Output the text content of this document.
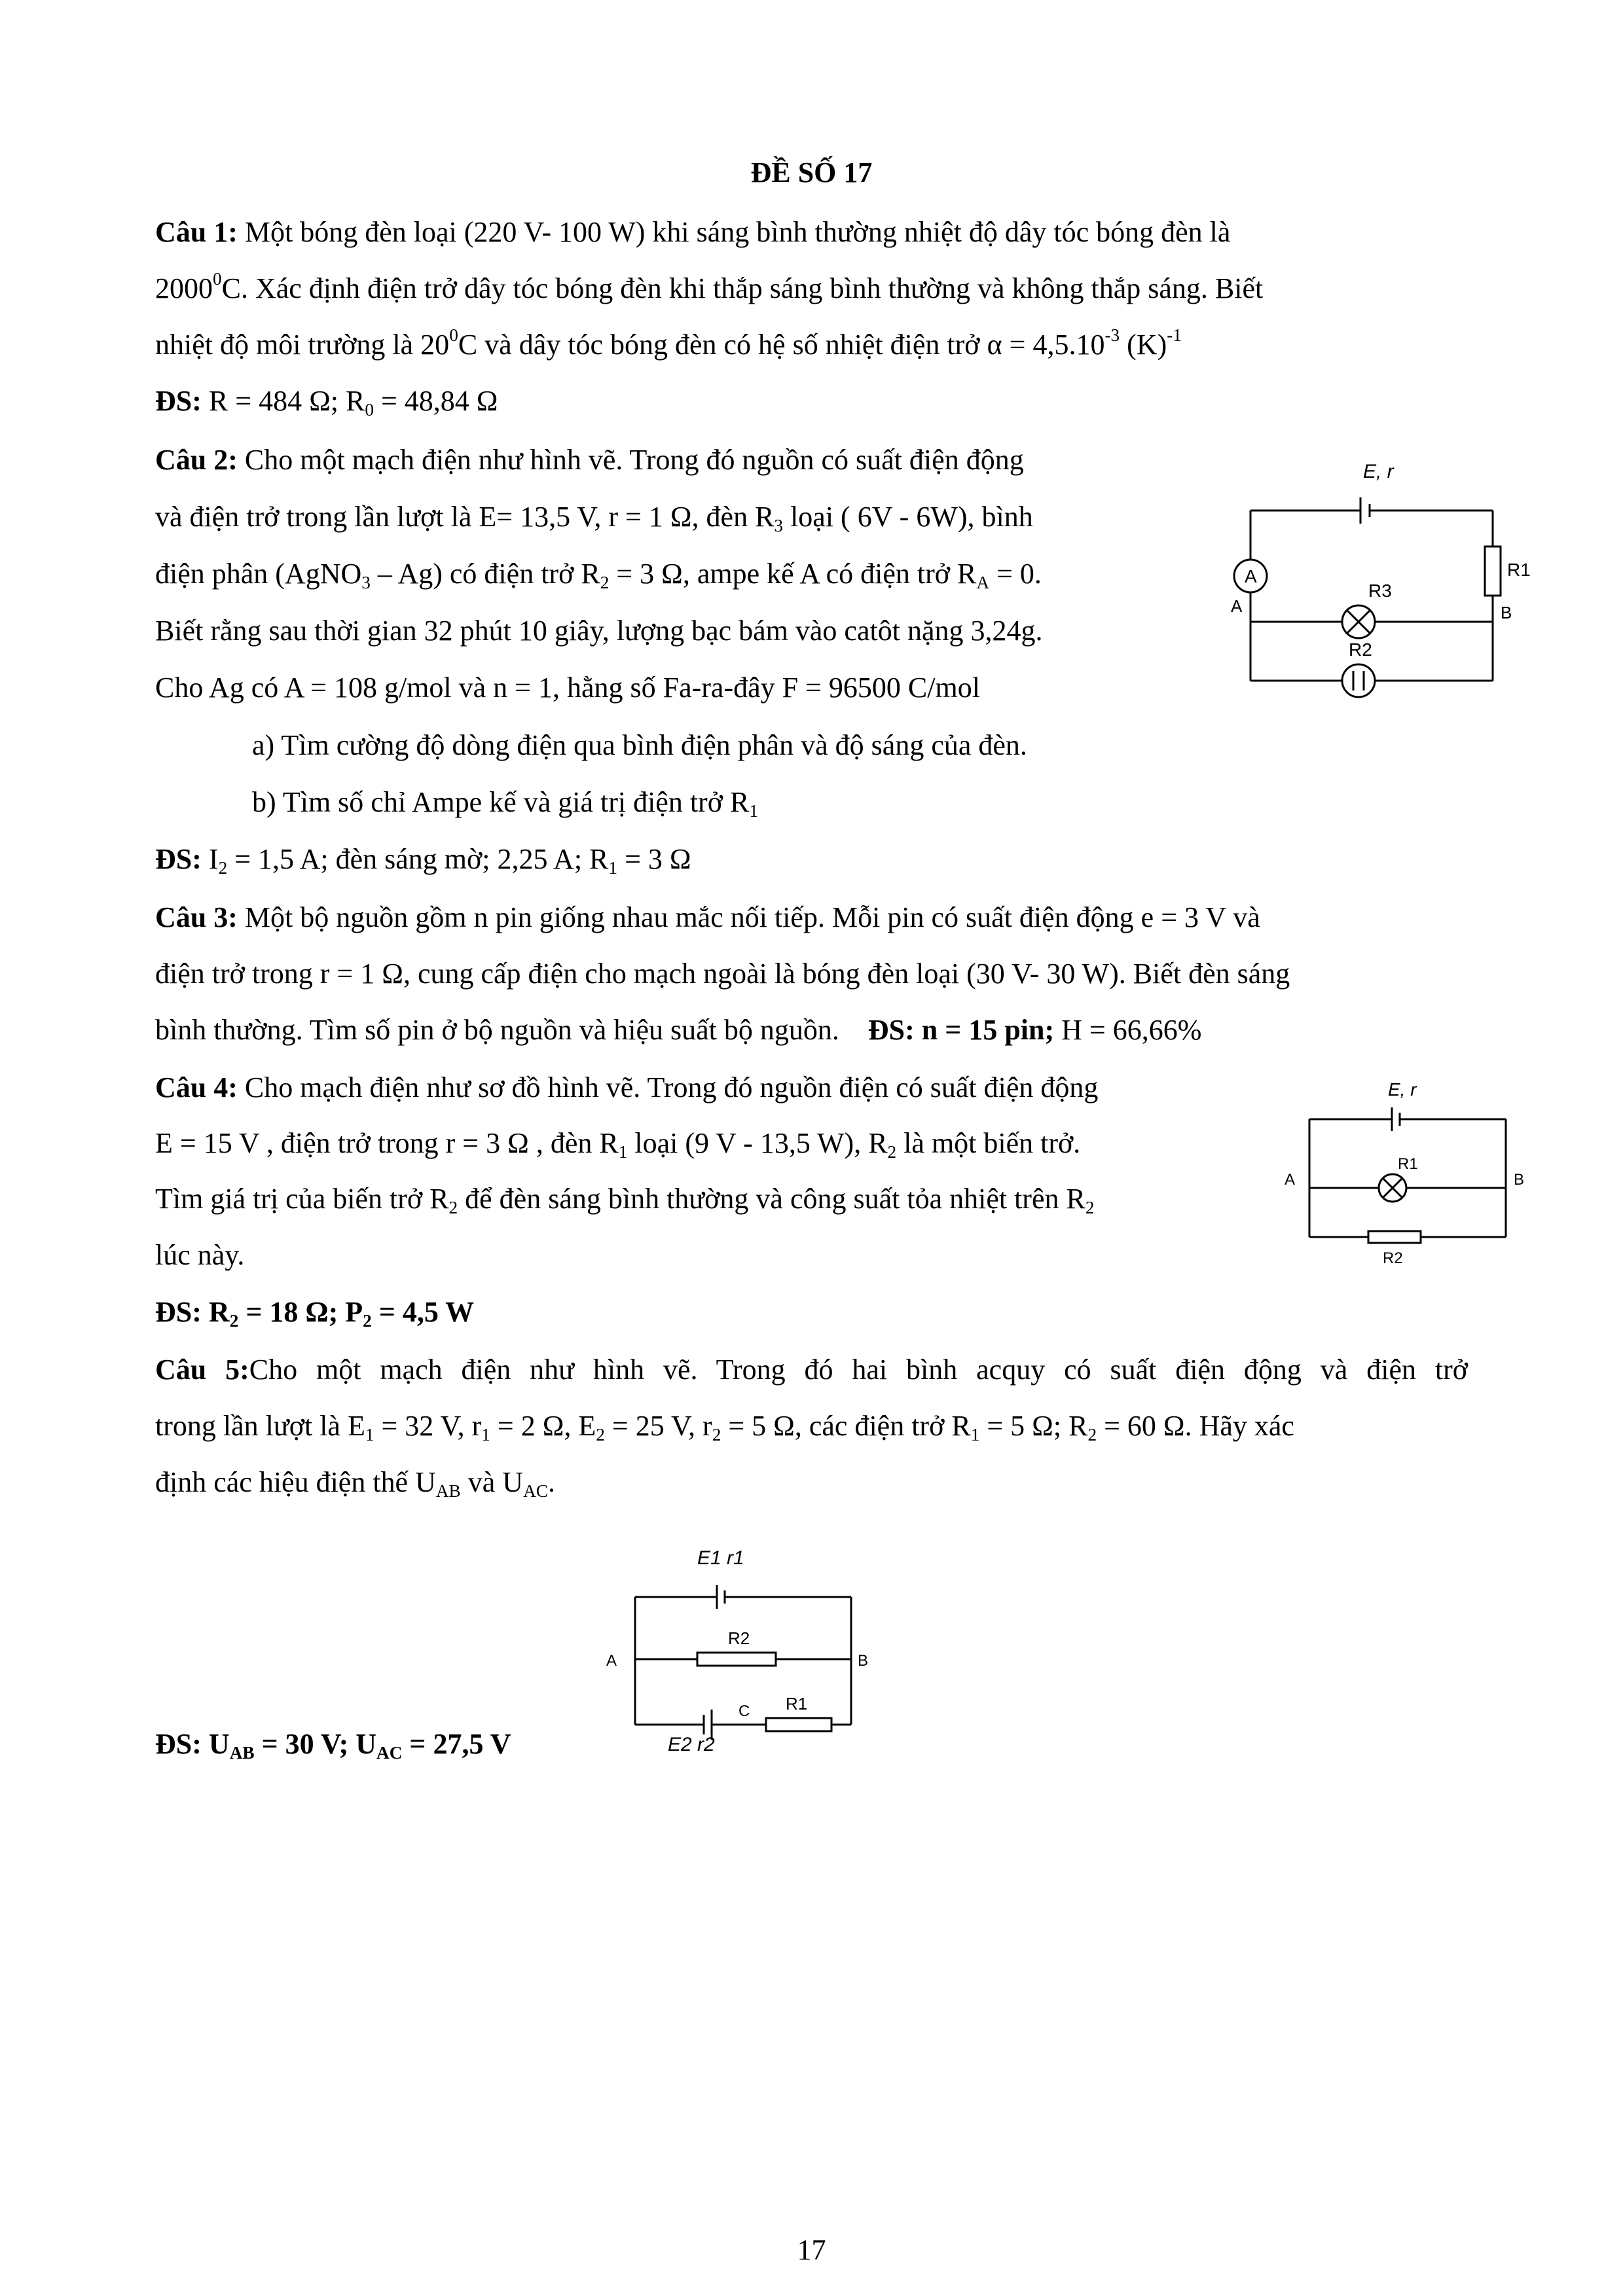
ĐỀ SỐ 17
Câu 1: Một bóng đèn loại (220 V- 100 W) khi sáng bình thường nhiệt độ dây tóc bóng đèn là
2000$^0$C. Xác định điện trở dây tóc bóng đèn khi thắp sáng bình thường và không thắp sáng. Biết
nhiệt độ môi trường là $20^0C$ và dây tóc bóng đèn có hệ số nhiệt điện trở $\alpha = 4,5.10^{-3}$ $(K)^{-1}$
ĐS: R = 484 Ω; $R_0 = 48,84$ Ω
Câu 2: Cho một mạch điện như hình vẽ. Trong đó nguồn có suất điện động
và điện trở trong lần lượt là E= 13,5 V, r = 1 Ω, đèn $R_3$ loại ( 6V - 6W), bình
điện phân (AgNO$_3$ – Ag) có điện trở $R_2 = 3$ Ω, ampe kế A có điện trở $R_A = 0$.
Biết rằng sau thời gian 32 phút 10 giây, lượng bạc bám vào catôt nặng 3,24g.
Cho Ag có A = 108 g/mol và n = 1, hằng số Fa-ra-đây F = 96500 C/mol
a) Tìm cường độ dòng điện qua bình điện phân và độ sáng của đèn.
b) Tìm số chỉ Ampe kế và giá trị điện trở $R_1$
ĐS: $I_2 = 1,5$ A; đèn sáng mờ; 2,25 A; $R_1 = 3$ Ω
E, r
A	R1
R3
R2
A	B
Câu 3: Một bộ nguồn gồm n pin giống nhau mắc nối tiếp. Mỗi pin có suất điện động e = 3 V và
điện trở trong r = 1 Ω, cung cấp điện cho mạch ngoài là bóng đèn loại (30 V- 30 W). Biết đèn sáng
bình thường. Tìm số pin ở bộ nguồn và hiệu suất bộ nguồn. ĐS: n = 15 pin; H = 66,66%
Câu 4: Cho mạch điện như sơ đồ hình vẽ. Trong đó nguồn điện có suất điện động
E = 15 V , điện trở trong r = 3 Ω , đèn $R_1$ loại (9 V - 13,5 W), $R_2$ là một biến trở.
Tìm giá trị của biến trở $R_2$ để đèn sáng bình thường và công suất tỏa nhiệt trên $R_2$
lúc này.
ĐS: $R_2 = 18$ Ω; $P_2 = 4,5$ W
E, r
R1
R2
A	B
Câu 5:Cho một mạch điện như hình vẽ. Trong đó hai bình acquy có suất điện động và điện trở
trong lần lượt là $E_1 = 32$ V, $r_1 = 2$ Ω, $E_2 = 25$ V, $r_2 = 5$ Ω, các điện trở $R_1 = 5$ Ω; $R_2 = 60$ Ω. Hãy xác
định các hiệu điện thế $U_{AB}$ và $U_{AC}$.
E1 r1
R2
R1
C
E2 r2
A	B
ĐS: $U_{AB} = 30$ V; $U_{AC} = 27,5$ V
17
